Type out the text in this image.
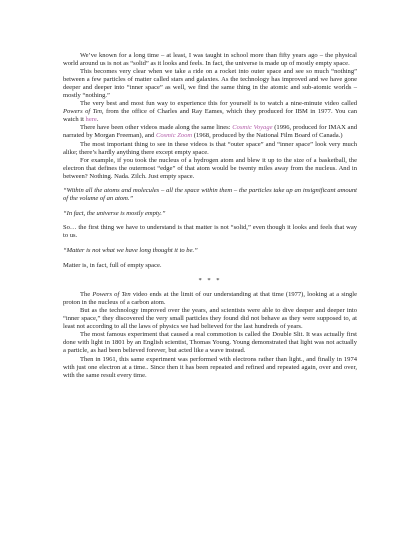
We’ve known for a long time – at least, I was taught in school more than fifty years ago – the physical world around us is not as “solid” as it looks and feels. In fact, the universe is made up of mostly empty space.

This becomes very clear when we take a ride on a rocket into outer space and see so much “nothing” between a few particles of matter called stars and galaxies. As the technology has improved and we have gone deeper and deeper into “inner space” as well, we find the same thing in the atomic and sub-atomic worlds – mostly “nothing.”

The very best and most fun way to experience this for yourself is to watch a nine-minute video called Powers of Ten, from the office of Charles and Ray Eames, which they produced for IBM in 1977. You can watch it here.

There have been other videos made along the same lines: Cosmic Voyage (1996, produced for IMAX and narrated by Morgan Freeman), and Cosmic Zoom (1968, produced by the National Film Board of Canada.)

The most important thing to see in these videos is that “outer space” and “inner space” look very much alike; there’s hardly anything there except empty space.

For example, if you took the nucleus of a hydrogen atom and blew it up to the size of a basketball, the electron that defines the outermost “edge” of that atom would be twenty miles away from the nucleus. And in between? Nothing. Nada. Zilch. Just empty space.

“Within all the atoms and molecules – all the space within them – the particles take up an insignificant amount of the volume of an atom.”

“In fact, the universe is mostly empty.”

So… the first thing we have to understand is that matter is not “solid,” even though it looks and feels that way to us.

“Matter is not what we have long thought it to be.”

Matter is, in fact, full of empty space.

* * *

The Powers of Ten video ends at the limit of our understanding at that time (1977), looking at a single proton in the nucleus of a carbon atom.

But as the technology improved over the years, and scientists were able to dive deeper and deeper into “inner space,” they discovered the very small particles they found did not behave as they were supposed to, at least not according to all the laws of physics we had believed for the last hundreds of years.

The most famous experiment that caused a real commotion is called the Double Slit. It was actually first done with light in 1801 by an English scientist, Thomas Young. Young demonstrated that light was not actually a particle, as had been believed forever, but acted like a wave instead.

Then in 1961, this same experiment was performed with electrons rather than light., and finally in 1974 with just one electron at a time.. Since then it has been repeated and refined and repeated again, over and over, with the same result every time.
